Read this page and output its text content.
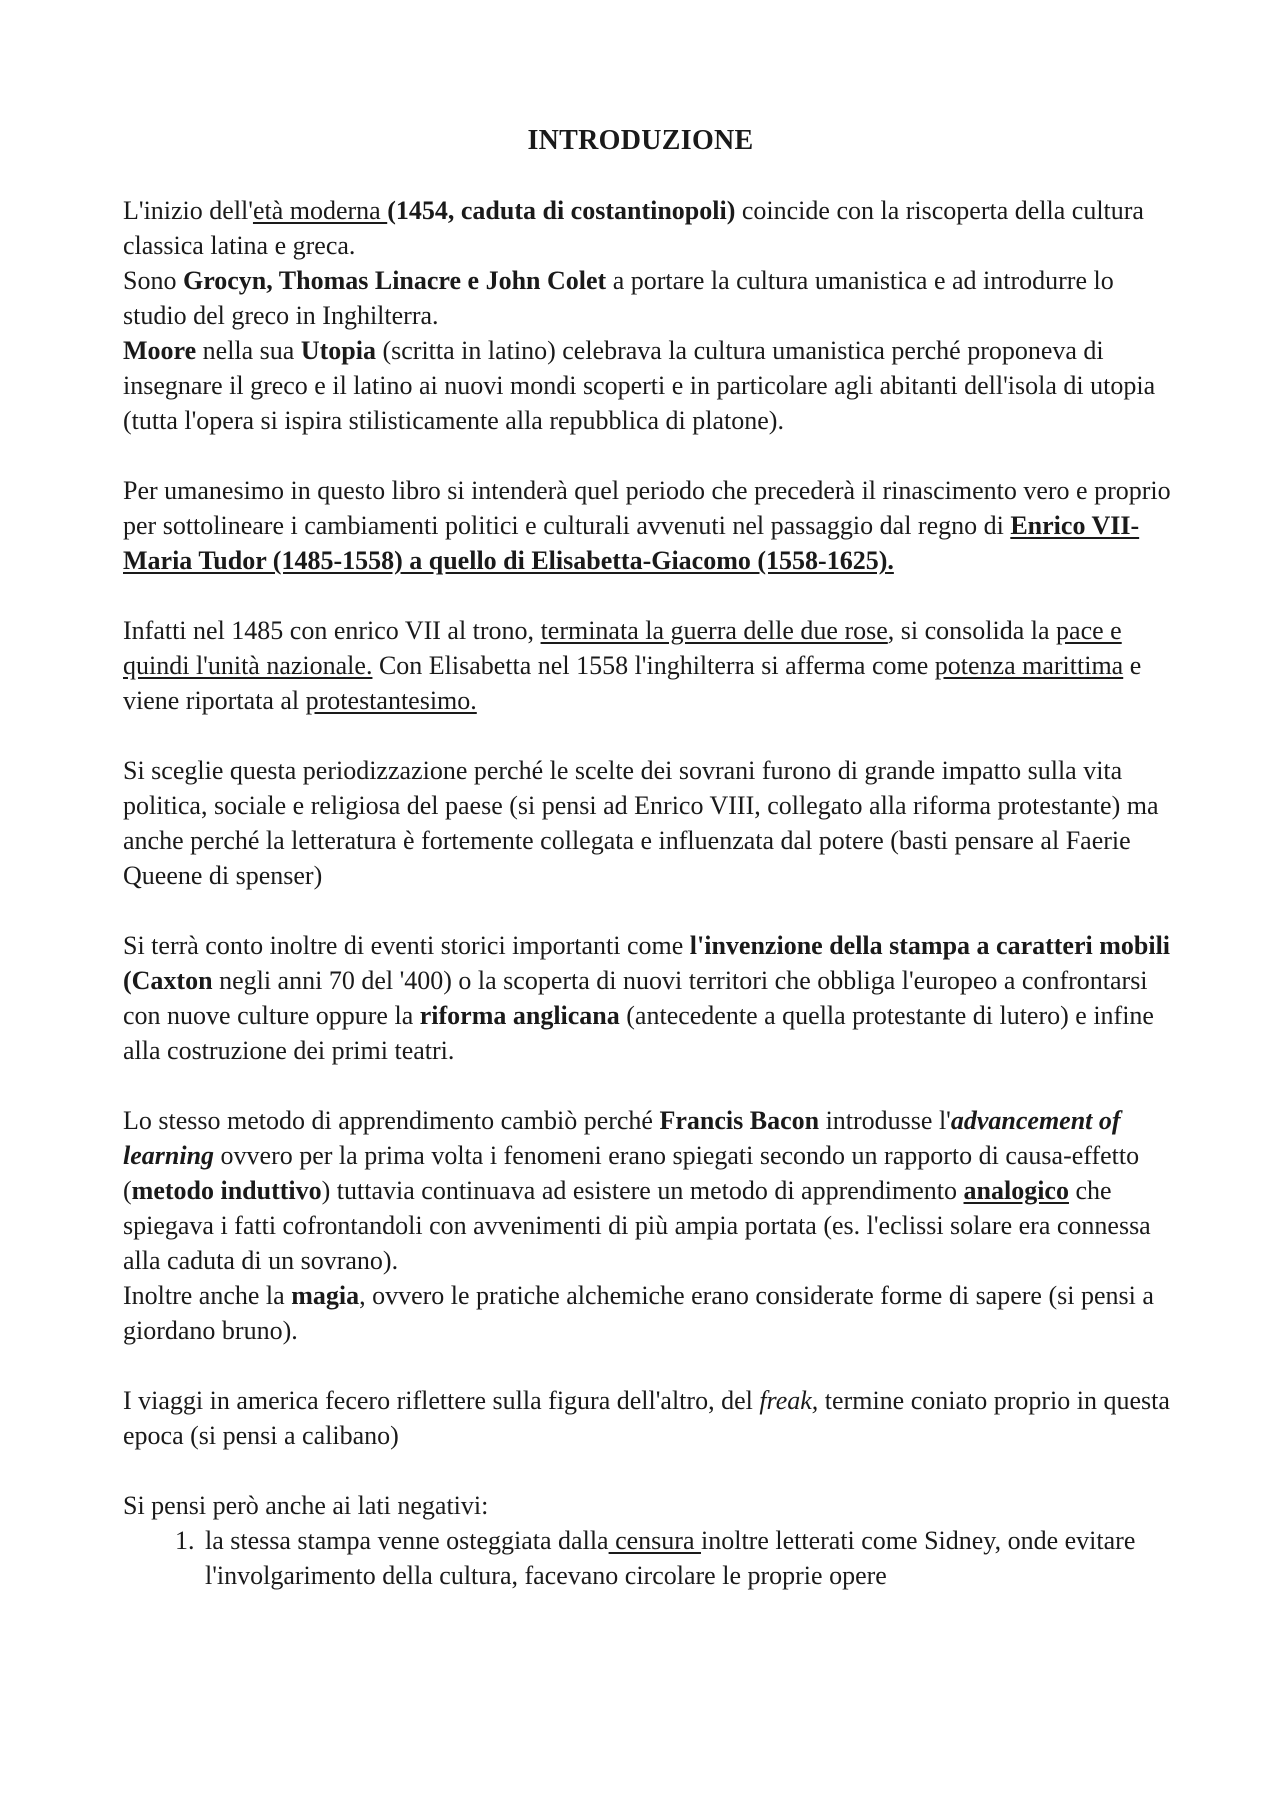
INTRODUZIONE

L'inizio dell'età moderna (1454, caduta di costantinopoli) coincide con la riscoperta della cultura classica latina e greca.

Sono Grocyn, Thomas Linacre e John Colet a portare la cultura umanistica e ad introdurre lo studio del greco in Inghilterra.

Moore nella sua Utopia (scritta in latino) celebrava la cultura umanistica perché proponeva di insegnare il greco e il latino ai nuovi mondi scoperti e in particolare agli abitanti dell'isola di utopia (tutta l'opera si ispira stilisticamente alla repubblica di platone).

Per umanesimo in questo libro si intenderà quel periodo che precederà il rinascimento vero e proprio per sottolineare i cambiamenti politici e culturali avvenuti nel passaggio dal regno di Enrico VII-Maria Tudor (1485-1558) a quello di Elisabetta-Giacomo (1558-1625).

Infatti nel 1485 con enrico VII al trono, terminata la guerra delle due rose, si consolida la pace e quindi l'unità nazionale. Con Elisabetta nel 1558 l'inghilterra si afferma come potenza marittima e viene riportata al protestantesimo.

Si sceglie questa periodizzazione perché le scelte dei sovrani furono di grande impatto sulla vita politica, sociale e religiosa del paese (si pensi ad Enrico VIII, collegato alla riforma protestante) ma anche perché la letteratura è fortemente collegata e influenzata dal potere (basti pensare al Faerie Queene di spenser)

Si terrà conto inoltre di eventi storici importanti come l'invenzione della stampa a caratteri mobili (Caxton negli anni 70 del '400) o la scoperta di nuovi territori che obbliga l'europeo a confrontarsi con nuove culture oppure la riforma anglicana (antecedente a quella protestante di lutero) e infine alla costruzione dei primi teatri.

Lo stesso metodo di apprendimento cambiò perché Francis Bacon introdusse l'advancement of learning ovvero per la prima volta i fenomeni erano spiegati secondo un rapporto di causa-effetto (metodo induttivo) tuttavia continuava ad esistere un metodo di apprendimento analogico che spiegava i fatti cofrontandoli con avvenimenti di più ampia portata (es. l'eclissi solare era connessa alla caduta di un sovrano).

Inoltre anche la magia, ovvero le pratiche alchemiche erano considerate forme di sapere (si pensi a giordano bruno).

I viaggi in america fecero riflettere sulla figura dell'altro, del freak, termine coniato proprio in questa epoca (si pensi a calibano)

Si pensi però anche ai lati negativi:

1. la stessa stampa venne osteggiata dalla censura inoltre letterati come Sidney, onde evitare l'involgarimento della cultura, facevano circolare le proprie opere
